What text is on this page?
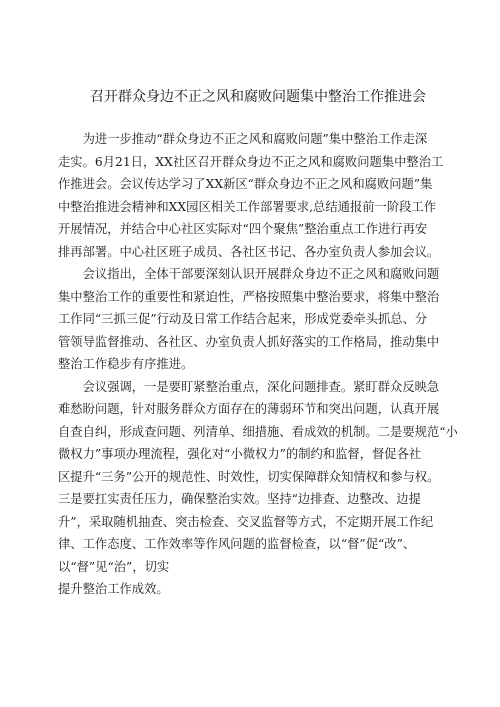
召开群众身边不正之风和腐败问题集中整治工作推进会
　　为进一步推动“群众身边不正之风和腐败问题”集中整治工作走深
走实。6月21日，XX社区召开群众身边不正之风和腐败问题集中整治工
作推进会。会议传达学习了XX新区“群众身边不正之风和腐败问题”集
中整治推进会精神和XX园区相关工作部署要求,总结通报前一阶段工作
开展情况，并结合中心社区实际对“四个聚焦”整治重点工作进行再安
排再部署。中心社区班子成员、各社区书记、各办室负责人参加会议。
　　会议指出，全体干部要深刻认识开展群众身边不正之风和腐败问题
集中整治工作的重要性和紧迫性，严格按照集中整治要求，将集中整治
工作同“三抓三促”行动及日常工作结合起来，形成党委牵头抓总、分
管领导监督推动、各社区、办室负责人抓好落实的工作格局，推动集中
整治工作稳步有序推进。
　　会议强调，一是要盯紧整治重点，深化问题排查。紧盯群众反映急
难愁盼问题，针对服务群众方面存在的薄弱环节和突出问题，认真开展
自查自纠，形成查问题、列清单、细措施、看成效的机制。二是要规范“小
微权力”事项办理流程，强化对“小微权力”的制约和监督，督促各社
区提升“三务”公开的规范性、时效性，切实保障群众知情权和参与权。
三是要扛实责任压力，确保整治实效。坚持“边排查、边整改、边提
升”，采取随机抽查、突击检查、交叉监督等方式，不定期开展工作纪
律、工作态度、工作效率等作风问题的监督检查，以“督”促“改”、
以“督”见“治”，切实
提升整治工作成效。
